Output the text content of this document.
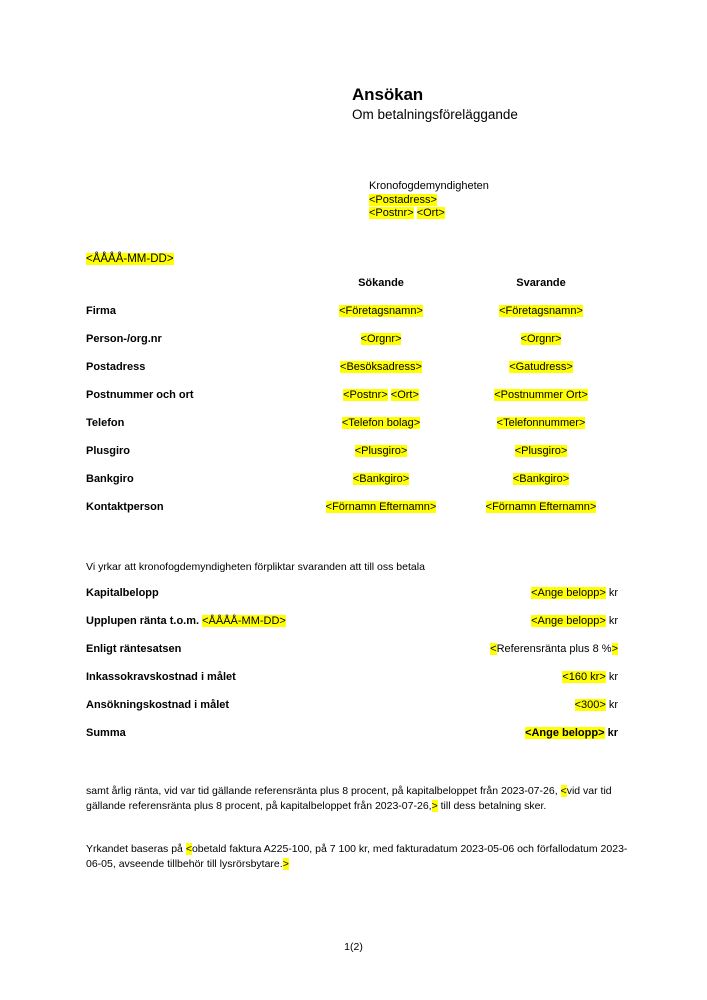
Ansökan
Om betalningsföreläggande
Kronofogdemyndigheten
<Postadress>
<Postnr> <Ort>
<ÅÅÅÅ-MM-DD>
	Sökande	Svarande
Firma	<Företagsnamn>	<Företagsnamn>
Person-/org.nr	<Orgnr>	<Orgnr>
Postadress	<Besöksadress>	<Gatudress>
Postnummer och ort	<Postnr> <Ort>	<Postnummer Ort>
Telefon	<Telefon bolag>	<Telefonnummer>
Plusgiro	<Plusgiro>	<Plusgiro>
Bankgiro	<Bankgiro>	<Bankgiro>
Kontaktperson	<Förnamn Efternamn>	<Förnamn Efternamn>
Vi yrkar att kronofogdemyndigheten förpliktar svaranden att till oss betala
Kapitalbelopp	<Ange belopp> kr
Upplupen ränta t.o.m. <ÅÅÅÅ-MM-DD>	<Ange belopp> kr
Enligt räntesatsen	<Referensränta plus 8 %>
Inkassokravskostnad i målet	<160 kr> kr
Ansökningskostnad i målet	<300> kr
Summa	<Ange belopp> kr
samt årlig ränta, vid var tid gällande referensränta plus 8 procent, på kapitalbeloppet från 2023-07-26, <vid var tid gällande referensränta plus 8 procent, på kapitalbeloppet från 2023-07-26,> till dess betalning sker.
Yrkandet baseras på <obetald faktura A225-100, på 7 100 kr, med fakturadatum 2023-05-06 och förfallodatum 2023-06-05, avseende tillbehör till lysrörsbytare.>
1(2)
